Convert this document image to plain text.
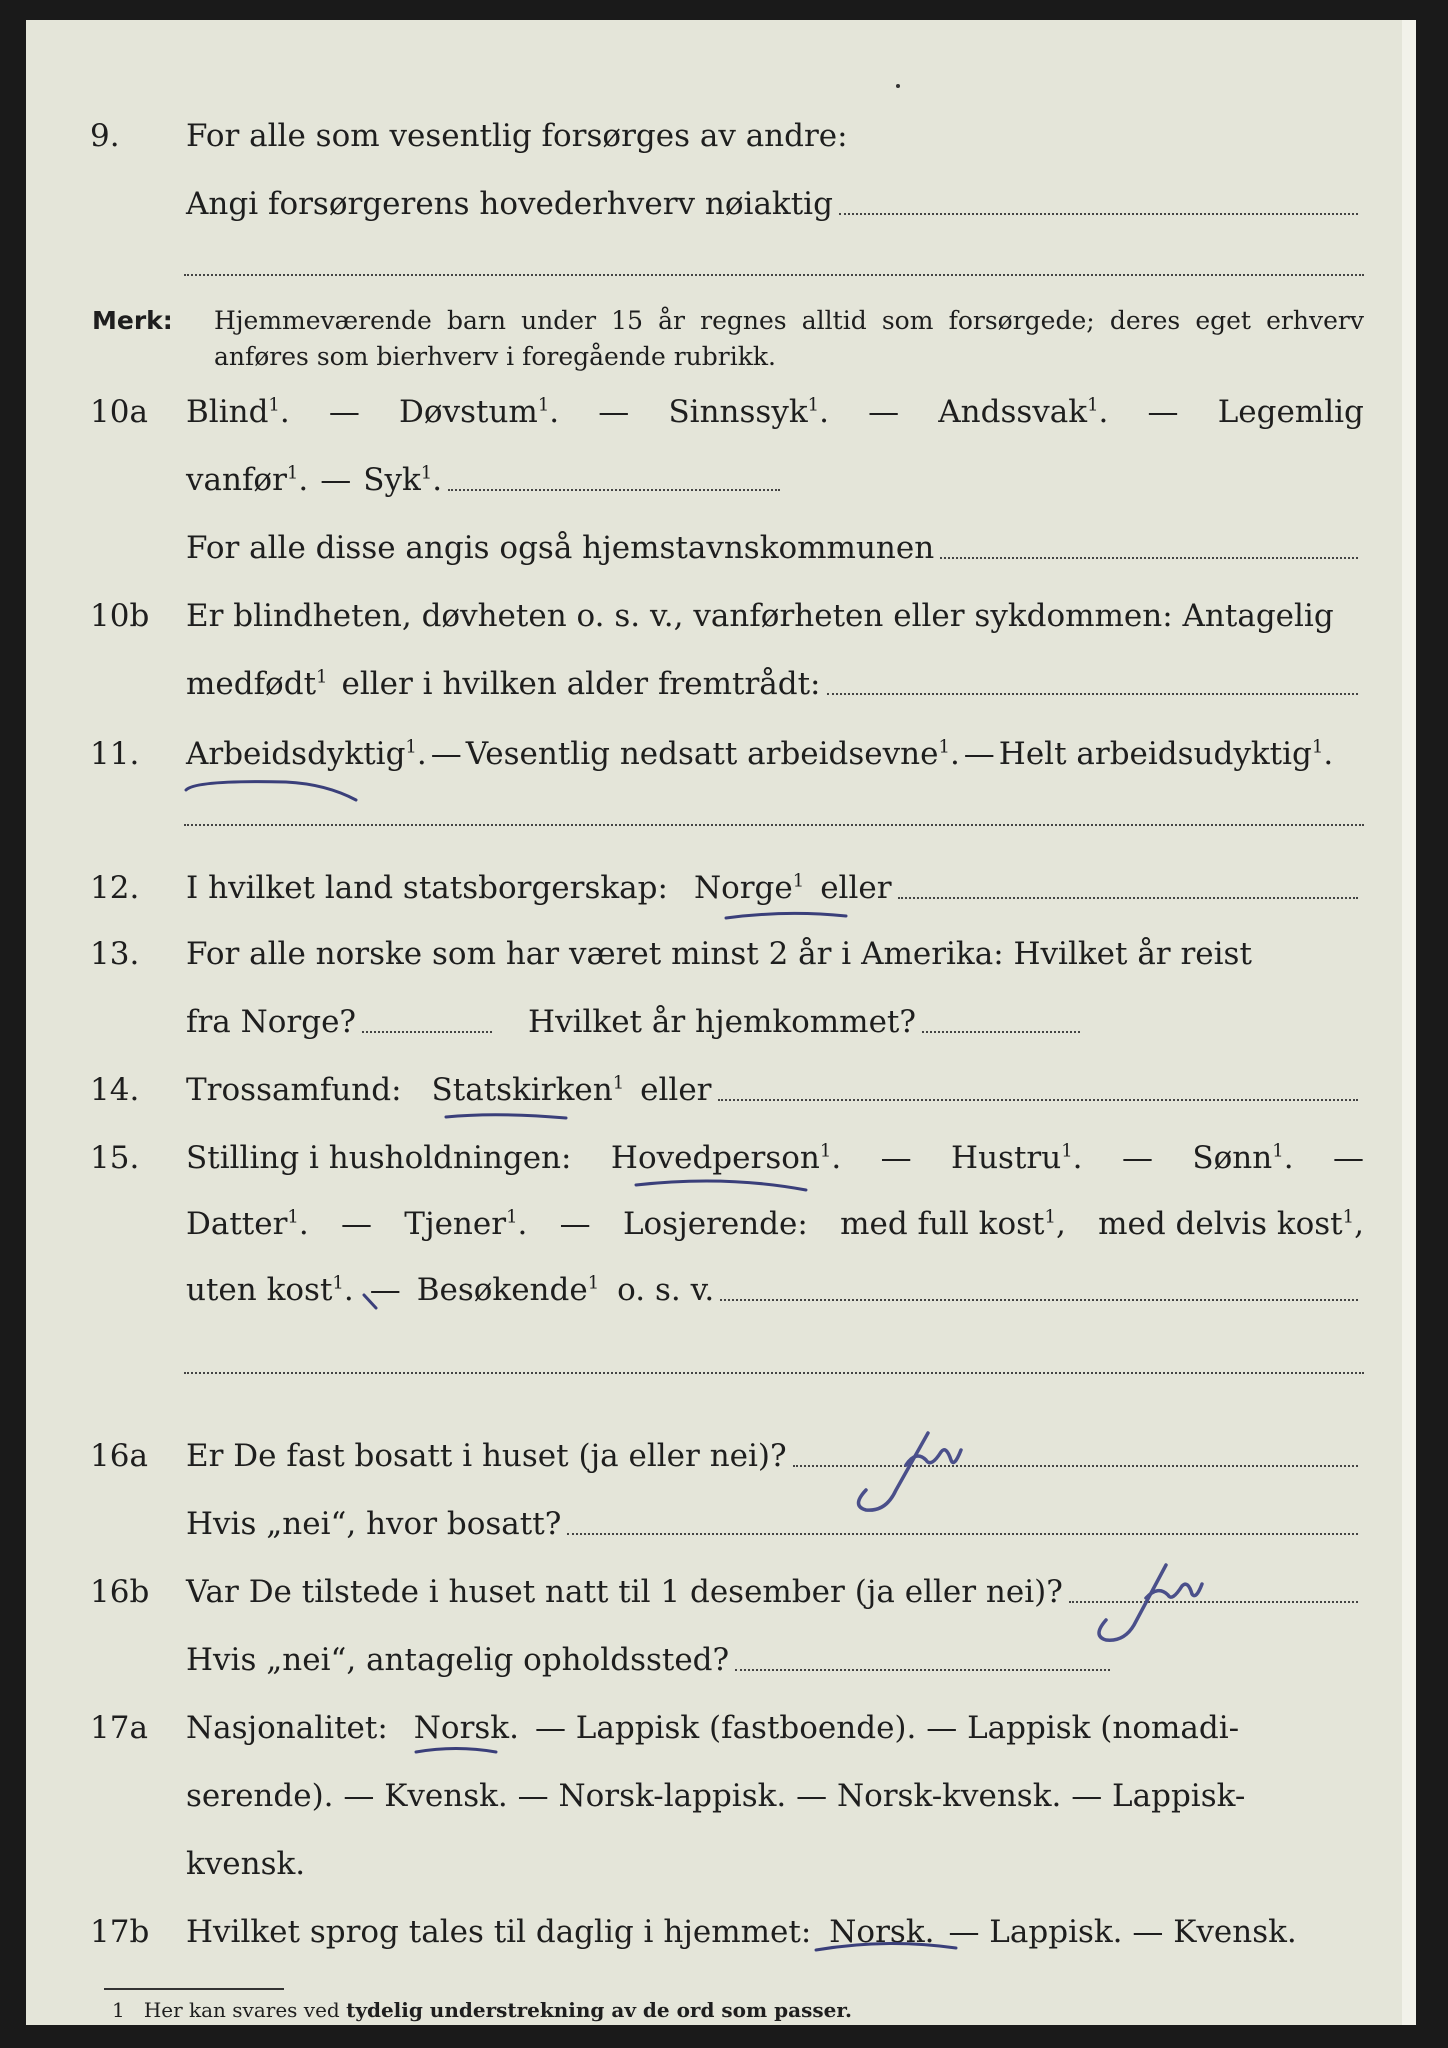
9. For alle som vesentlig forsørges av andre:
Angi forsørgerens hovederhverv nøiaktig
Merk: Hjemmeværende barn under 15 år regnes alltid som forsørgede; deres eget erhverv
anføres som bierhverv i foregående rubrikk.
10a Blind$^1$. — Døvstum$^1$. — Sinnssyk$^1$. — Andssvak$^1$. — Legemlig
vanfør$^1$. — Syk$^1$.
For alle disse angis også hjemstavnskommunen
10b Er blindheten, døvheten o. s. v., vanførheten eller sykdommen: Antagelig
medfødt$^1$ eller i hvilken alder fremtrådt:
11. Arbeidsdyktig$^1$. — Vesentlig nedsatt arbeidsevne$^1$. — Helt arbeidsudyktig$^1$.
12. I hvilket land statsborgerskap: Norge$^1$ eller
13. For alle norske som har været minst 2 år i Amerika: Hvilket år reist
fra Norge?	Hvilket år hjemkommet?
14. Trossamfund: Statskirken$^1$ eller
15. Stilling i husholdningen: Hovedperson$^1$. — Hustru$^1$. — Sønn$^1$. —
Datter$^1$. — Tjener$^1$. — Losjerende: med full kost$^1$, med delvis kost$^1$,
uten kost$^1$. — Besøkende$^1$ o. s. v.
16a Er De fast bosatt i huset (ja eller nei)?
Hvis „nei“, hvor bosatt?
16b Var De tilstede i huset natt til 1 desember (ja eller nei)?
Hvis „nei“, antagelig opholdssted?
17a Nasjonalitet: Norsk. — Lappisk (fastboende). — Lappisk (nomadi-
serende). — Kvensk. — Norsk-lappisk. — Norsk-kvensk. — Lappisk-
kvensk.
17b Hvilket sprog tales til daglig i hjemmet: Norsk. — Lappisk. — Kvensk.
1 Her kan svares ved tydelig understrekning av de ord som passer.
